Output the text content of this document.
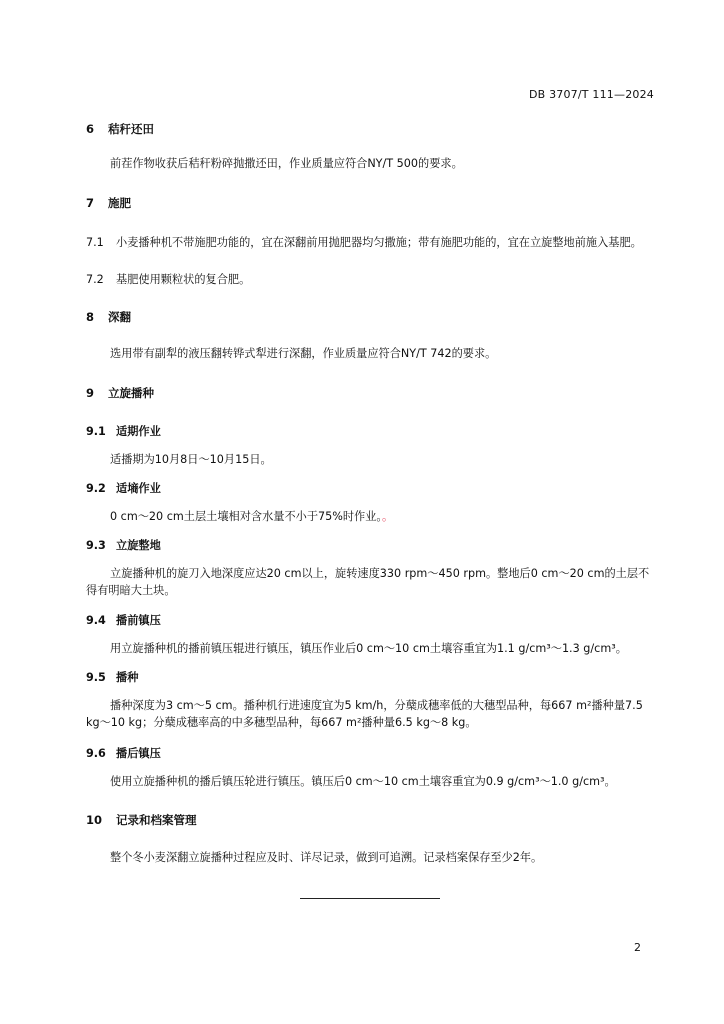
DB 3707/T 111—2024
6 秸秆还田
前茬作物收获后秸秆粉碎抛撒还田，作业质量应符合NY/T 500的要求。
7 施肥
7.1 小麦播种机不带施肥功能的，宜在深翻前用抛肥器均匀撒施；带有施肥功能的，宜在立旋整地前施入基肥。
7.2 基肥使用颗粒状的复合肥。
8 深翻
选用带有副犁的液压翻转铧式犁进行深翻，作业质量应符合NY/T 742的要求。
9 立旋播种
9.1 适期作业
适播期为10月8日～10月15日。
9.2 适墒作业
0 cm～20 cm土层土壤相对含水量不小于75%时作业。。
9.3 立旋整地
立旋播种机的旋刀入地深度应达20 cm以上，旋转速度330 rpm～450 rpm。整地后0 cm～20 cm的土层不得有明暗大土块。
9.4 播前镇压
用立旋播种机的播前镇压辊进行镇压，镇压作业后0 cm～10 cm土壤容重宜为1.1 g/cm³～1.3 g/cm³。
9.5 播种
播种深度为3 cm～5 cm。播种机行进速度宜为5 km/h，分蘖成穗率低的大穗型品种，每667 m²播种量7.5 kg～10 kg；分蘖成穗率高的中多穗型品种，每667 m²播种量6.5 kg～8 kg。
9.6 播后镇压
使用立旋播种机的播后镇压轮进行镇压。镇压后0 cm～10 cm土壤容重宜为0.9 g/cm³～1.0 g/cm³。
10 记录和档案管理
整个冬小麦深翻立旋播种过程应及时、详尽记录，做到可追溯。记录档案保存至少2年。
2
